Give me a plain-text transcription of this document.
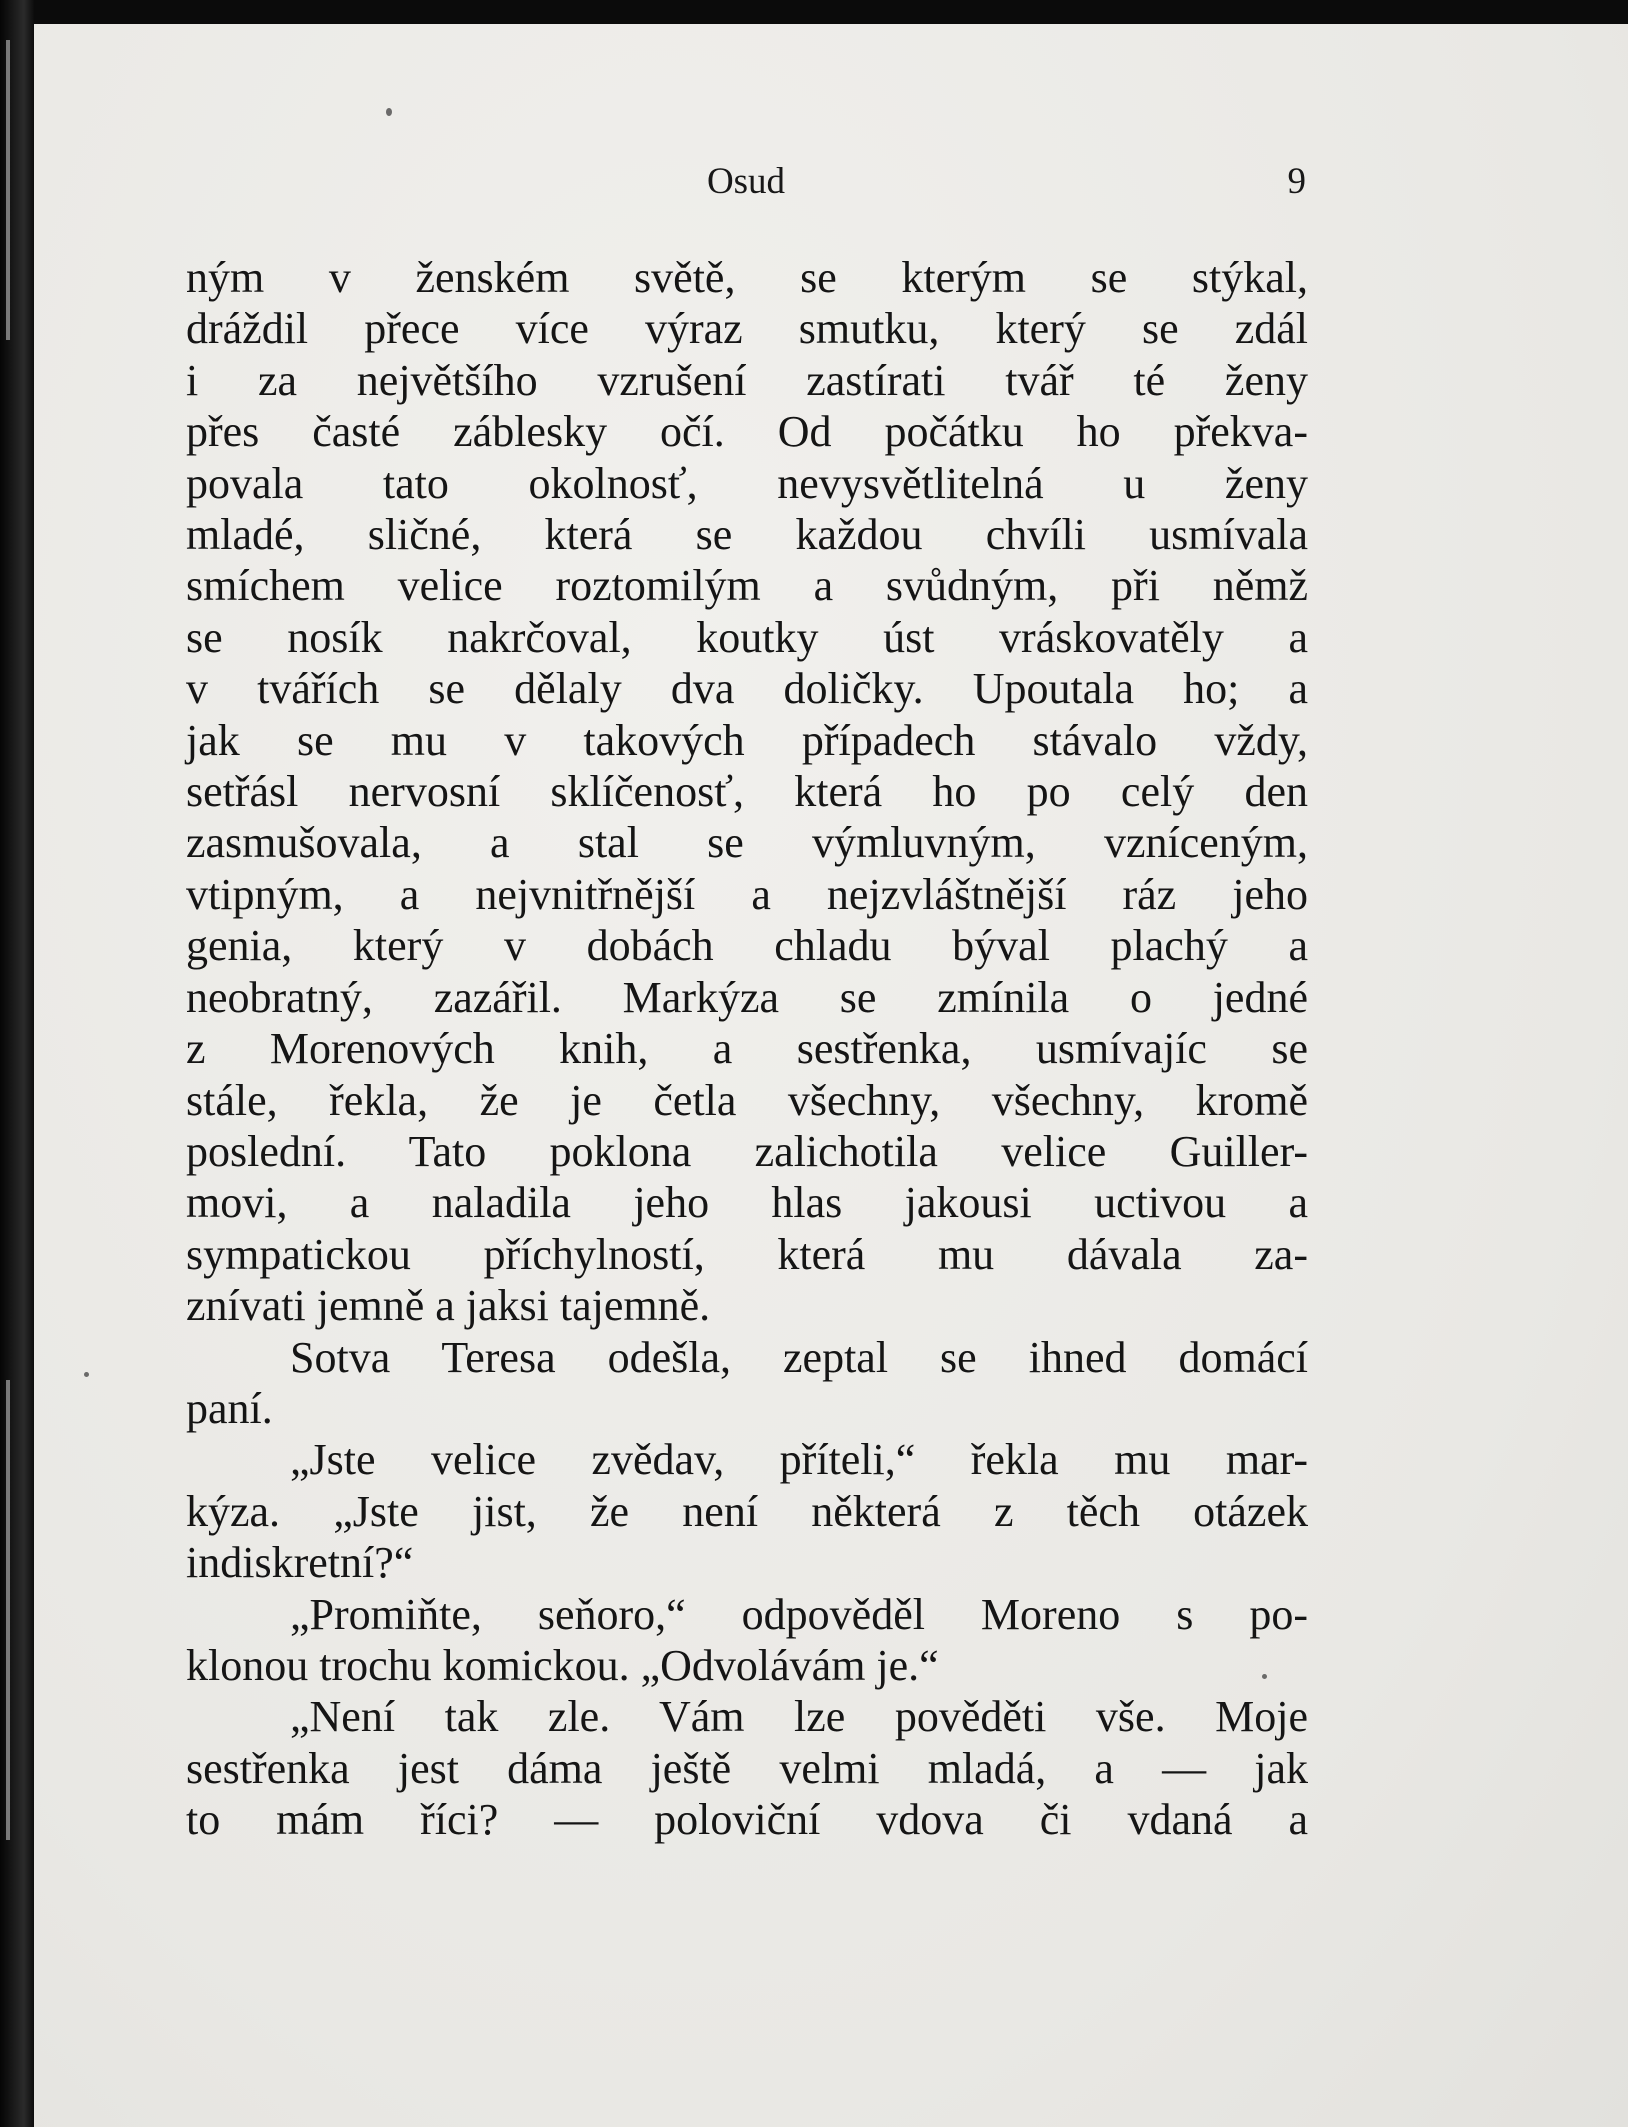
Osud	9
ným v ženském světě, se kterým se stýkal,
dráždil přece více výraz smutku, který se zdál
i za největšího vzrušení zastírati tvář té ženy
přes časté záblesky očí. Od počátku ho překva-
povala tato okolnosť, nevysvětlitelná u ženy
mladé, sličné, která se každou chvíli usmívala
smíchem velice roztomilým a svůdným, při němž
se nosík nakrčoval, koutky úst vráskovatěly a
v tvářích se dělaly dva doličky. Upoutala ho; a
jak se mu v takových případech stávalo vždy,
setřásl nervosní sklíčenosť, která ho po celý den
zasmušovala, a stal se výmluvným, vzníceným,
vtipným, a nejvnitřnější a nejzvláštnější ráz jeho
genia, který v dobách chladu býval plachý a
neobratný, zazářil. Markýza se zmínila o jedné
z Morenových knih, a sestřenka, usmívajíc se
stále, řekla, že je četla všechny, všechny, kromě
poslední. Tato poklona zalichotila velice Guiller-
movi, a naladila jeho hlas jakousi uctivou a
sympatickou příchylností, která mu dávala za-
znívati jemně a jaksi tajemně.
Sotva Teresa odešla, zeptal se ihned domácí
paní.
„Jste velice zvědav, příteli,“ řekla mu mar-
kýza. „Jste jist, že není některá z těch otázek
indiskretní?“
„Promiňte, seňoro,“ odpověděl Moreno s po-
klonou trochu komickou. „Odvolávám je.“
„Není tak zle. Vám lze pověděti vše. Moje
sestřenka jest dáma ještě velmi mladá, a — jak
to mám říci? — poloviční vdova či vdaná a
